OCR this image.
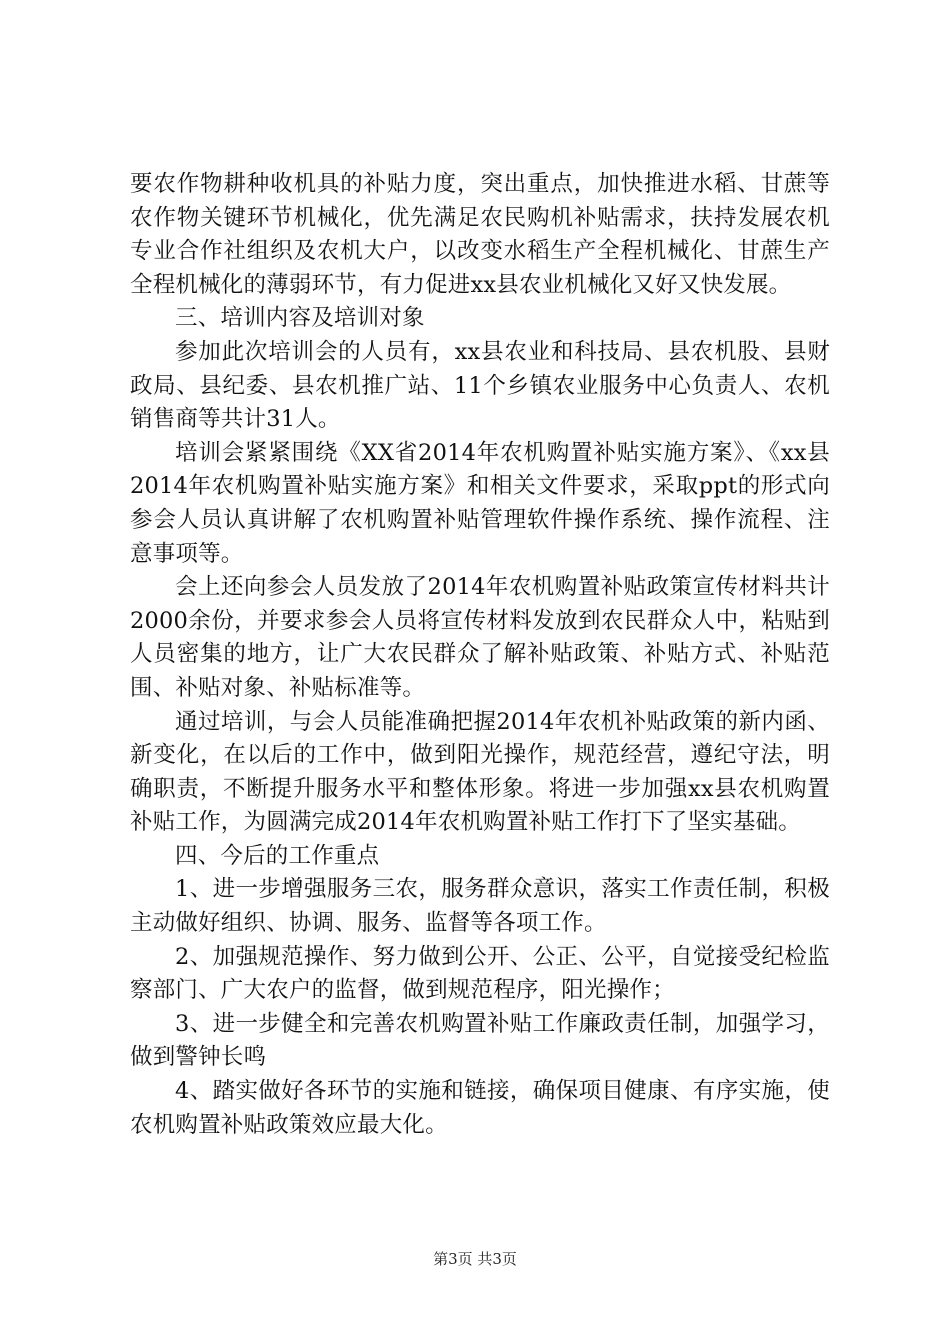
要农作物耕种收机具的补贴力度，突出重点，加快推进水稻、甘蔗等农作物关键环节机械化，优先满足农民购机补贴需求，扶持发展农机专业合作社组织及农机大户，以改变水稻生产全程机械化、甘蔗生产全程机械化的薄弱环节，有力促进xx县农业机械化又好又快发展。

三、培训内容及培训对象

参加此次培训会的人员有，xx县农业和科技局、县农机股、县财政局、县纪委、县农机推广站、11个乡镇农业服务中心负责人、农机销售商等共计31人。

培训会紧紧围绕《XX省2014年农机购置补贴实施方案》、《xx县2014年农机购置补贴实施方案》和相关文件要求，采取ppt的形式向参会人员认真讲解了农机购置补贴管理软件操作系统、操作流程、注意事项等。

会上还向参会人员发放了2014年农机购置补贴政策宣传材料共计2000余份，并要求参会人员将宣传材料发放到农民群众人中，粘贴到人员密集的地方，让广大农民群众了解补贴政策、补贴方式、补贴范围、补贴对象、补贴标准等。

通过培训，与会人员能准确把握2014年农机补贴政策的新内函、新变化，在以后的工作中，做到阳光操作，规范经营，遵纪守法，明确职责，不断提升服务水平和整体形象。将进一步加强xx县农机购置补贴工作，为圆满完成2014年农机购置补贴工作打下了坚实基础。

四、今后的工作重点

1、进一步增强服务三农，服务群众意识，落实工作责任制，积极主动做好组织、协调、服务、监督等各项工作。

2、加强规范操作、努力做到公开、公正、公平，自觉接受纪检监察部门、广大农户的监督，做到规范程序，阳光操作；

3、进一步健全和完善农机购置补贴工作廉政责任制，加强学习，做到警钟长鸣

4、踏实做好各环节的实施和链接，确保项目健康、有序实施，使农机购置补贴政策效应最大化。

第3页 共3页
